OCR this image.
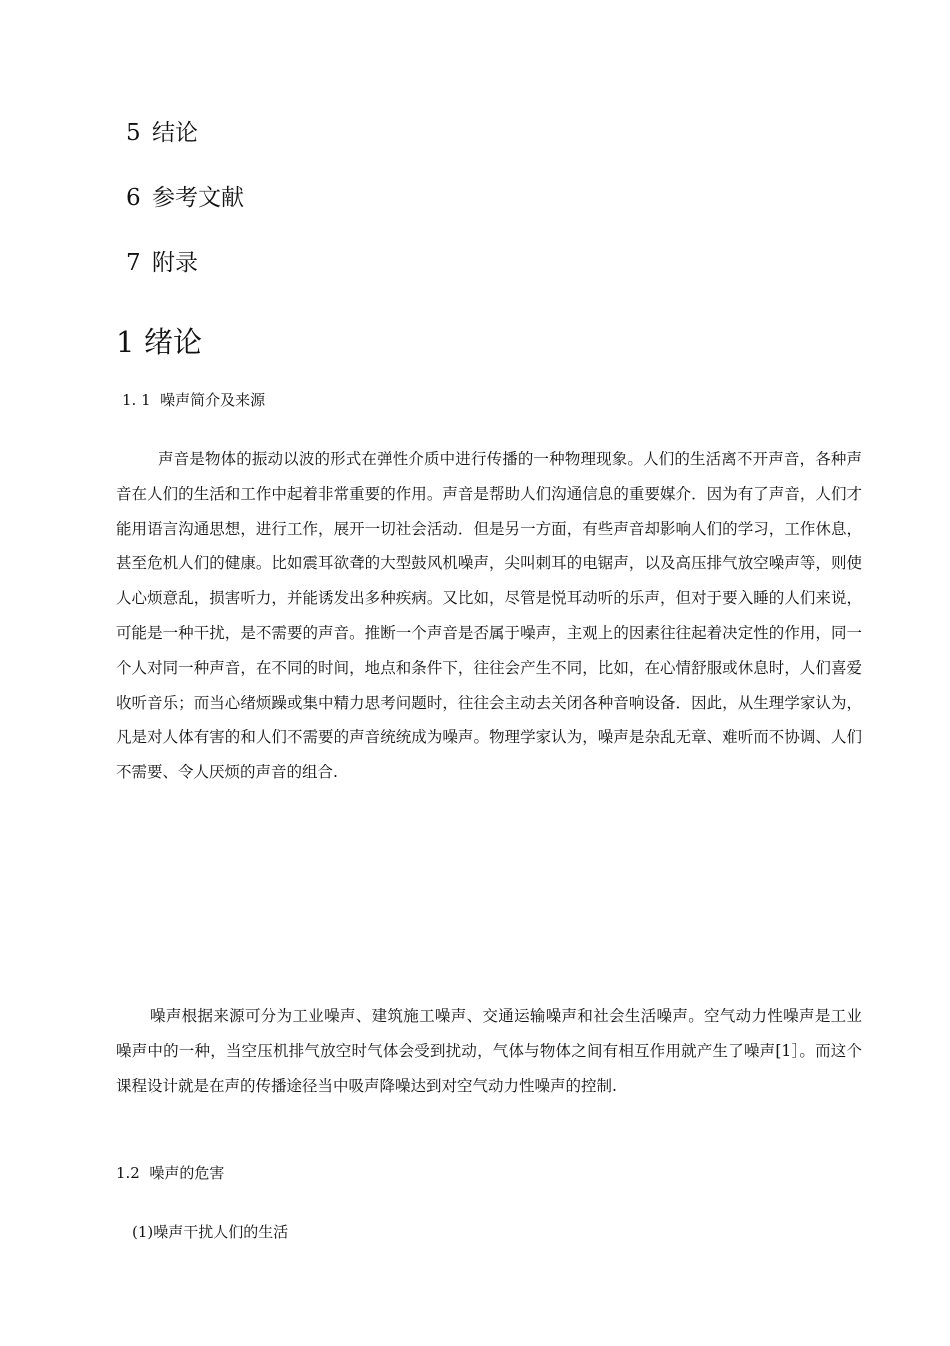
5 结论
6 参考文献
7 附录
1 绪论
1. 1 噪声简介及来源

声音是物体的振动以波的形式在弹性介质中进行传播的一种物理现象。人们的生活离不开声音，各种声音在人们的生活和工作中起着非常重要的作用。声音是帮助人们沟通信息的重要媒介．因为有了声音，人们才能用语言沟通思想，进行工作，展开一切社会活动．但是另一方面，有些声音却影响人们的学习，工作休息，甚至危机人们的健康。比如震耳欲聋的大型鼓风机噪声，尖叫刺耳的电锯声，以及高压排气放空噪声等，则使人心烦意乱，损害听力，并能诱发出多种疾病。又比如，尽管是悦耳动听的乐声，但对于要入睡的人们来说，可能是一种干扰，是不需要的声音。推断一个声音是否属于噪声，主观上的因素往往起着决定性的作用，同一个人对同一种声音，在不同的时间，地点和条件下，往往会产生不同，比如，在心情舒服或休息时，人们喜爱收听音乐；而当心绪烦躁或集中精力思考问题时，往往会主动去关闭各种音响设备．因此，从生理学家认为，凡是对人体有害的和人们不需要的声音统统成为噪声。物理学家认为，噪声是杂乱无章、难听而不协调、人们不需要、令人厌烦的声音的组合.

噪声根据来源可分为工业噪声、建筑施工噪声、交通运输噪声和社会生活噪声。空气动力性噪声是工业噪声中的一种，当空压机排气放空时气体会受到扰动，气体与物体之间有相互作用就产生了噪声[1］。而这个课程设计就是在声的传播途径当中吸声降噪达到对空气动力性噪声的控制.

1.2 噪声的危害
(1)噪声干扰人们的生活
